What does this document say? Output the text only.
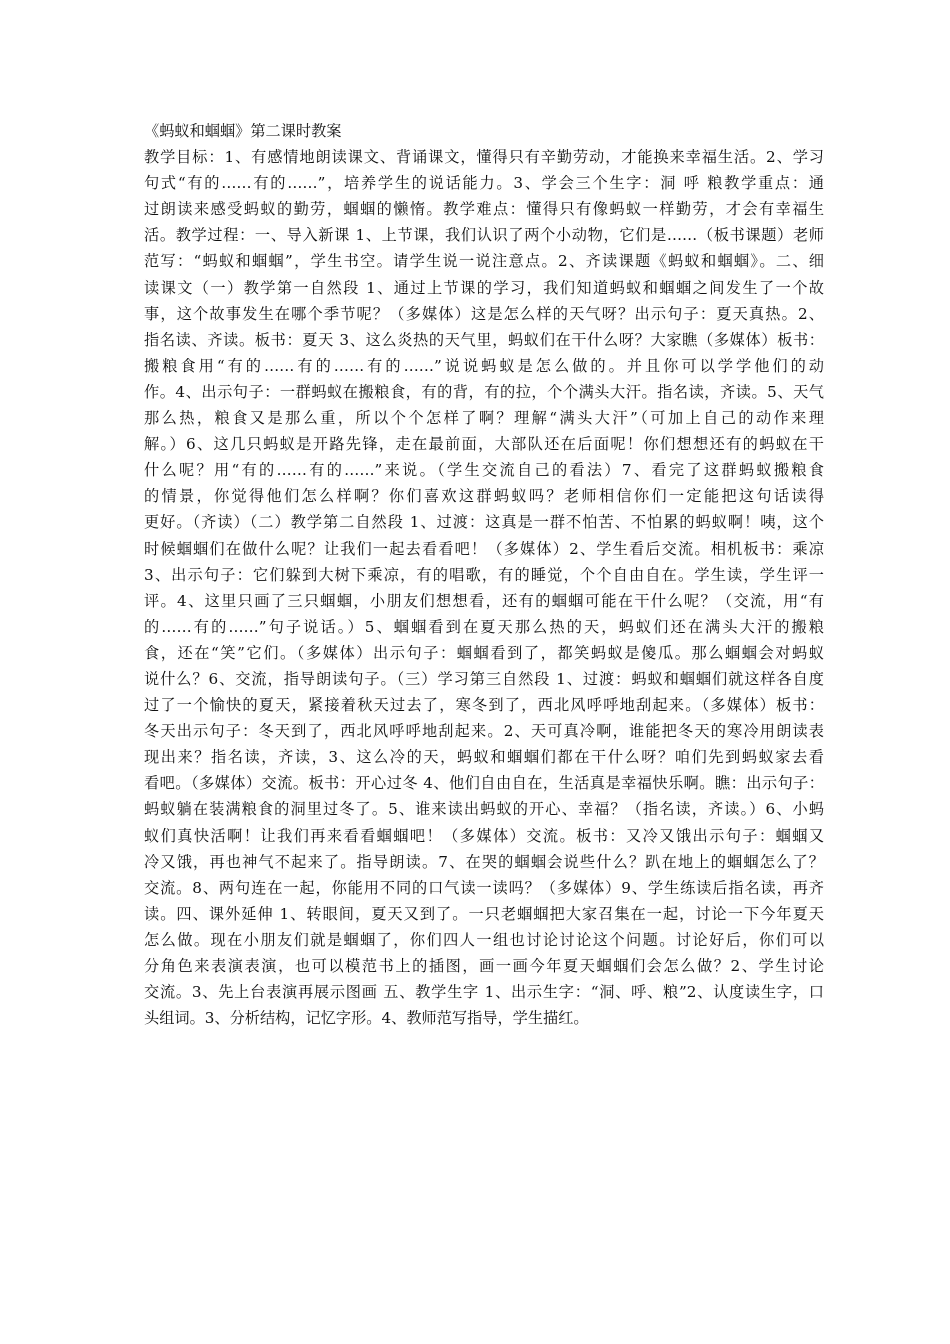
《蚂蚁和蝈蝈》第二课时教案
教学目标：1、有感情地朗读课文、背诵课文，懂得只有辛勤劳动，才能换来幸福生活。2、学习
句式“有的……有的……”，培养学生的说话能力。3、学会三个生字：洞 呼 粮教学重点：通
过朗读来感受蚂蚁的勤劳，蝈蝈的懒惰。教学难点：懂得只有像蚂蚁一样勤劳，才会有幸福生
活。教学过程：一、导入新课 1、上节课，我们认识了两个小动物，它们是……（板书课题）老师
范写：“蚂蚁和蝈蝈”，学生书空。请学生说一说注意点。2、齐读课题《蚂蚁和蝈蝈》。二、细
读课文（一）教学第一自然段 1、通过上节课的学习，我们知道蚂蚁和蝈蝈之间发生了一个故
事，这个故事发生在哪个季节呢？（多媒体）这是怎么样的天气呀？出示句子：夏天真热。2、
指名读、齐读。板书：夏天 3、这么炎热的天气里，蚂蚁们在干什么呀？大家瞧（多媒体）板书：
搬粮食用“有的……有的……有的……”说说蚂蚁是怎么做的。并且你可以学学他们的动
作。4、出示句子：一群蚂蚁在搬粮食，有的背，有的拉，个个满头大汗。指名读，齐读。5、天气
那么热，粮食又是那么重，所以个个怎样了啊？理解“满头大汗”（可加上自己的动作来理
解。）6、这几只蚂蚁是开路先锋，走在最前面，大部队还在后面呢！你们想想还有的蚂蚁在干
什么呢？用“有的……有的……”来说。（学生交流自己的看法）7、看完了这群蚂蚁搬粮食
的情景，你觉得他们怎么样啊？你们喜欢这群蚂蚁吗？老师相信你们一定能把这句话读得
更好。（齐读）（二）教学第二自然段 1、过渡：这真是一群不怕苦、不怕累的蚂蚁啊！咦，这个
时候蝈蝈们在做什么呢？让我们一起去看看吧！（多媒体）2、学生看后交流。相机板书：乘凉
3、出示句子：它们躲到大树下乘凉，有的唱歌，有的睡觉，个个自由自在。学生读，学生评一
评。4、这里只画了三只蝈蝈，小朋友们想想看，还有的蝈蝈可能在干什么呢？（交流，用“有
的……有的……”句子说话。）5、蝈蝈看到在夏天那么热的天，蚂蚁们还在满头大汗的搬粮
食，还在“笑”它们。（多媒体）出示句子：蝈蝈看到了，都笑蚂蚁是傻瓜。那么蝈蝈会对蚂蚁
说什么？6、交流，指导朗读句子。（三）学习第三自然段 1、过渡：蚂蚁和蝈蝈们就这样各自度
过了一个愉快的夏天，紧接着秋天过去了，寒冬到了，西北风呼呼地刮起来。（多媒体）板书：
冬天出示句子：冬天到了，西北风呼呼地刮起来。2、天可真冷啊，谁能把冬天的寒冷用朗读表
现出来？指名读，齐读，3、这么冷的天，蚂蚁和蝈蝈们都在干什么呀？咱们先到蚂蚁家去看
看吧。（多媒体）交流。板书：开心过冬 4、他们自由自在，生活真是幸福快乐啊。瞧：出示句子：
蚂蚁躺在装满粮食的洞里过冬了。5、谁来读出蚂蚁的开心、幸福？（指名读，齐读。）6、小蚂
蚁们真快活啊！让我们再来看看蝈蝈吧！（多媒体）交流。板书：又冷又饿出示句子：蝈蝈又
冷又饿，再也神气不起来了。指导朗读。7、在哭的蝈蝈会说些什么？趴在地上的蝈蝈怎么了？
交流。8、两句连在一起，你能用不同的口气读一读吗？（多媒体）9、学生练读后指名读，再齐
读。四、课外延伸 1、转眼间，夏天又到了。一只老蝈蝈把大家召集在一起，讨论一下今年夏天
怎么做。现在小朋友们就是蝈蝈了，你们四人一组也讨论讨论这个问题。讨论好后，你们可以
分角色来表演表演，也可以模范书上的插图，画一画今年夏天蝈蝈们会怎么做？2、学生讨论
交流。3、先上台表演再展示图画 五、教学生字 1、出示生字：“洞、呼、粮”2、认度读生字，口
头组词。3、分析结构，记忆字形。4、教师范写指导，学生描红。
